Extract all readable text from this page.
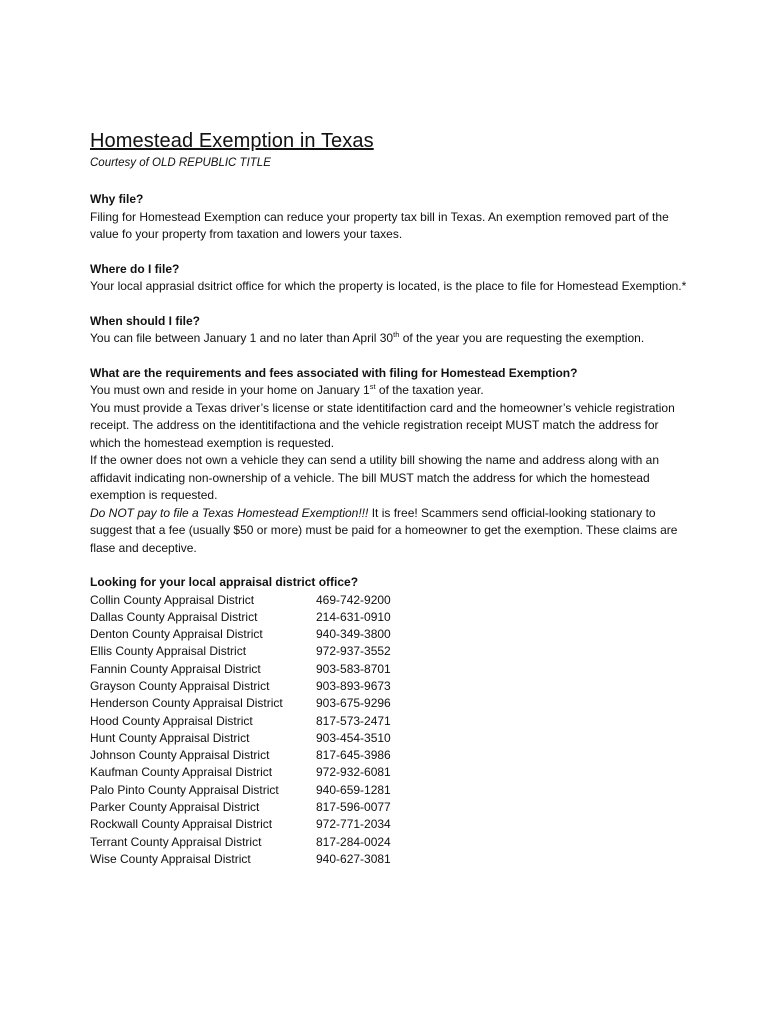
Homestead Exemption in Texas

Courtesy of OLD REPUBLIC TITLE

Why file?

Filing for Homestead Exemption can reduce your property tax bill in Texas. An exemption removed part of the value fo your property from taxation and lowers your taxes.

Where do I file?

Your local apprasial dsitrict office for which the property is located, is the place to file for Homestead Exemption.*

When should I file?

You can file between January 1 and no later than April 30th of the year you are requesting the exemption.

What are the requirements and fees associated with filing for Homestead Exemption?

You must own and reside in your home on January 1st of the taxation year.

You must provide a Texas driver’s license or state identitifaction card and the homeowner’s vehicle registration receipt. The address on the identitifactiona and the vehicle registration receipt MUST match the address for which the homestead exemption is requested.

If the owner does not own a vehicle they can send a utility bill showing the name and address along with an affidavit indicating non-ownership of a vehicle. The bill MUST match the address for which the homestead exemption is requested.

Do NOT pay to file a Texas Homestead Exemption!!! It is free! Scammers send official-looking stationary to suggest that a fee (usually $50 or more) must be paid for a homeowner to get the exemption. These claims are flase and deceptive.

Looking for your local appraisal district office?

Collin County Appraisal District	469-742-9200
Dallas County Appraisal District	214-631-0910
Denton County Appraisal District	940-349-3800
Ellis County Appraisal District	972-937-3552
Fannin County Appraisal District	903-583-8701
Grayson County Appraisal District	903-893-9673
Henderson County Appraisal District	903-675-9296
Hood County Appraisal District	817-573-2471
Hunt County Appraisal District	903-454-3510
Johnson County Appraisal District	817-645-3986
Kaufman County Appraisal District	972-932-6081
Palo Pinto County Appraisal District	940-659-1281
Parker County Appraisal District	817-596-0077
Rockwall County Appraisal District	972-771-2034
Terrant County Appraisal District	817-284-0024
Wise County Appraisal District	940-627-3081
